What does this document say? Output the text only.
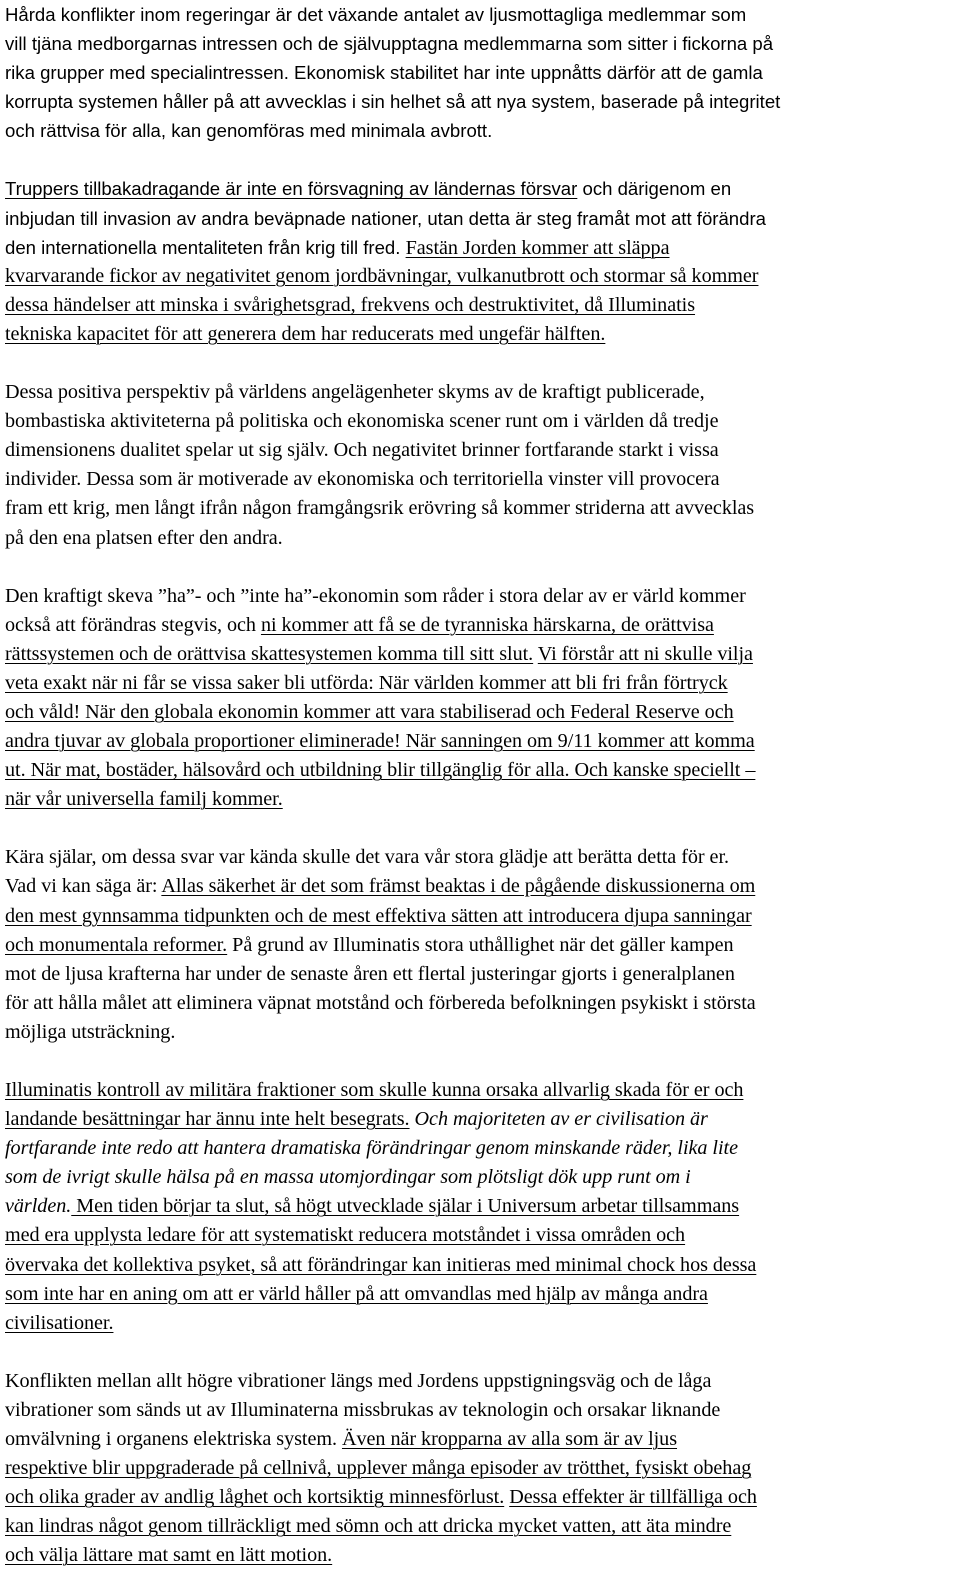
Hårda konflikter inom regeringar är det växande antalet av ljusmottagliga medlemmar som
vill tjäna medborgarnas intressen och de självupptagna medlemmarna som sitter i fickorna på
rika grupper med specialintressen. Ekonomisk stabilitet har inte uppnåtts därför att de gamla
korrupta systemen håller på att avvecklas i sin helhet så att nya system, baserade på integritet
och rättvisa för alla, kan genomföras med minimala avbrott.

Truppers tillbakadragande är inte en försvagning av ländernas försvar och därigenom en
inbjudan till invasion av andra beväpnade nationer, utan detta är steg framåt mot att förändra
den internationella mentaliteten från krig till fred. Fastän Jorden kommer att släppa
kvarvarande fickor av negativitet genom jordbävningar, vulkanutbrott och stormar så kommer
dessa händelser att minska i svårighetsgrad, frekvens och destruktivitet, då Illuminatis
tekniska kapacitet för att generera dem har reducerats med ungefär hälften.

Dessa positiva perspektiv på världens angelägenheter skyms av de kraftigt publicerade,
bombastiska aktiviteterna på politiska och ekonomiska scener runt om i världen då tredje
dimensionens dualitet spelar ut sig själv. Och negativitet brinner fortfarande starkt i vissa
individer. Dessa som är motiverade av ekonomiska och territoriella vinster vill provocera
fram ett krig, men långt ifrån någon framgångsrik erövring så kommer striderna att avvecklas
på den ena platsen efter den andra.

Den kraftigt skeva ”ha”- och ”inte ha”-ekonomin som råder i stora delar av er värld kommer
också att förändras stegvis, och ni kommer att få se de tyranniska härskarna, de orättvisa
rättssystemen och de orättvisa skattesystemen komma till sitt slut. Vi förstår att ni skulle vilja
veta exakt när ni får se vissa saker bli utförda: När världen kommer att bli fri från förtryck
och våld! När den globala ekonomin kommer att vara stabiliserad och Federal Reserve och
andra tjuvar av globala proportioner eliminerade! När sanningen om 9/11 kommer att komma
ut. När mat, bostäder, hälsovård och utbildning blir tillgänglig för alla. Och kanske speciellt –
när vår universella familj kommer.

Kära själar, om dessa svar var kända skulle det vara vår stora glädje att berätta detta för er.
Vad vi kan säga är: Allas säkerhet är det som främst beaktas i de pågående diskussionerna om
den mest gynnsamma tidpunkten och de mest effektiva sätten att introducera djupa sanningar
och monumentala reformer. På grund av Illuminatis stora uthållighet när det gäller kampen
mot de ljusa krafterna har under de senaste åren ett flertal justeringar gjorts i generalplanen
för att hålla målet att eliminera väpnat motstånd och förbereda befolkningen psykiskt i största
möjliga utsträckning.

Illuminatis kontroll av militära fraktioner som skulle kunna orsaka allvarlig skada för er och
landande besättningar har ännu inte helt besegrats. Och majoriteten av er civilisation är
fortfarande inte redo att hantera dramatiska förändringar genom minskande räder, lika lite
som de ivrigt skulle hälsa på en massa utomjordingar som plötsligt dök upp runt om i
världen. Men tiden börjar ta slut, så högt utvecklade själar i Universum arbetar tillsammans
med era upplysta ledare för att systematiskt reducera motståndet i vissa områden och
övervaka det kollektiva psyket, så att förändringar kan initieras med minimal chock hos dessa
som inte har en aning om att er värld håller på att omvandlas med hjälp av många andra
civilisationer.

Konflikten mellan allt högre vibrationer längs med Jordens uppstigningsväg och de låga
vibrationer som sänds ut av Illuminaterna missbrukas av teknologin och orsakar liknande
omvälvning i organens elektriska system. Även när kropparna av alla som är av ljus
respektive blir uppgraderade på cellnivå, upplever många episoder av trötthet, fysiskt obehag
och olika grader av andlig låghet och kortsiktig minnesförlust. Dessa effekter är tillfälliga och
kan lindras något genom tillräckligt med sömn och att dricka mycket vatten, att äta mindre
och välja lättare mat samt en lätt motion.
